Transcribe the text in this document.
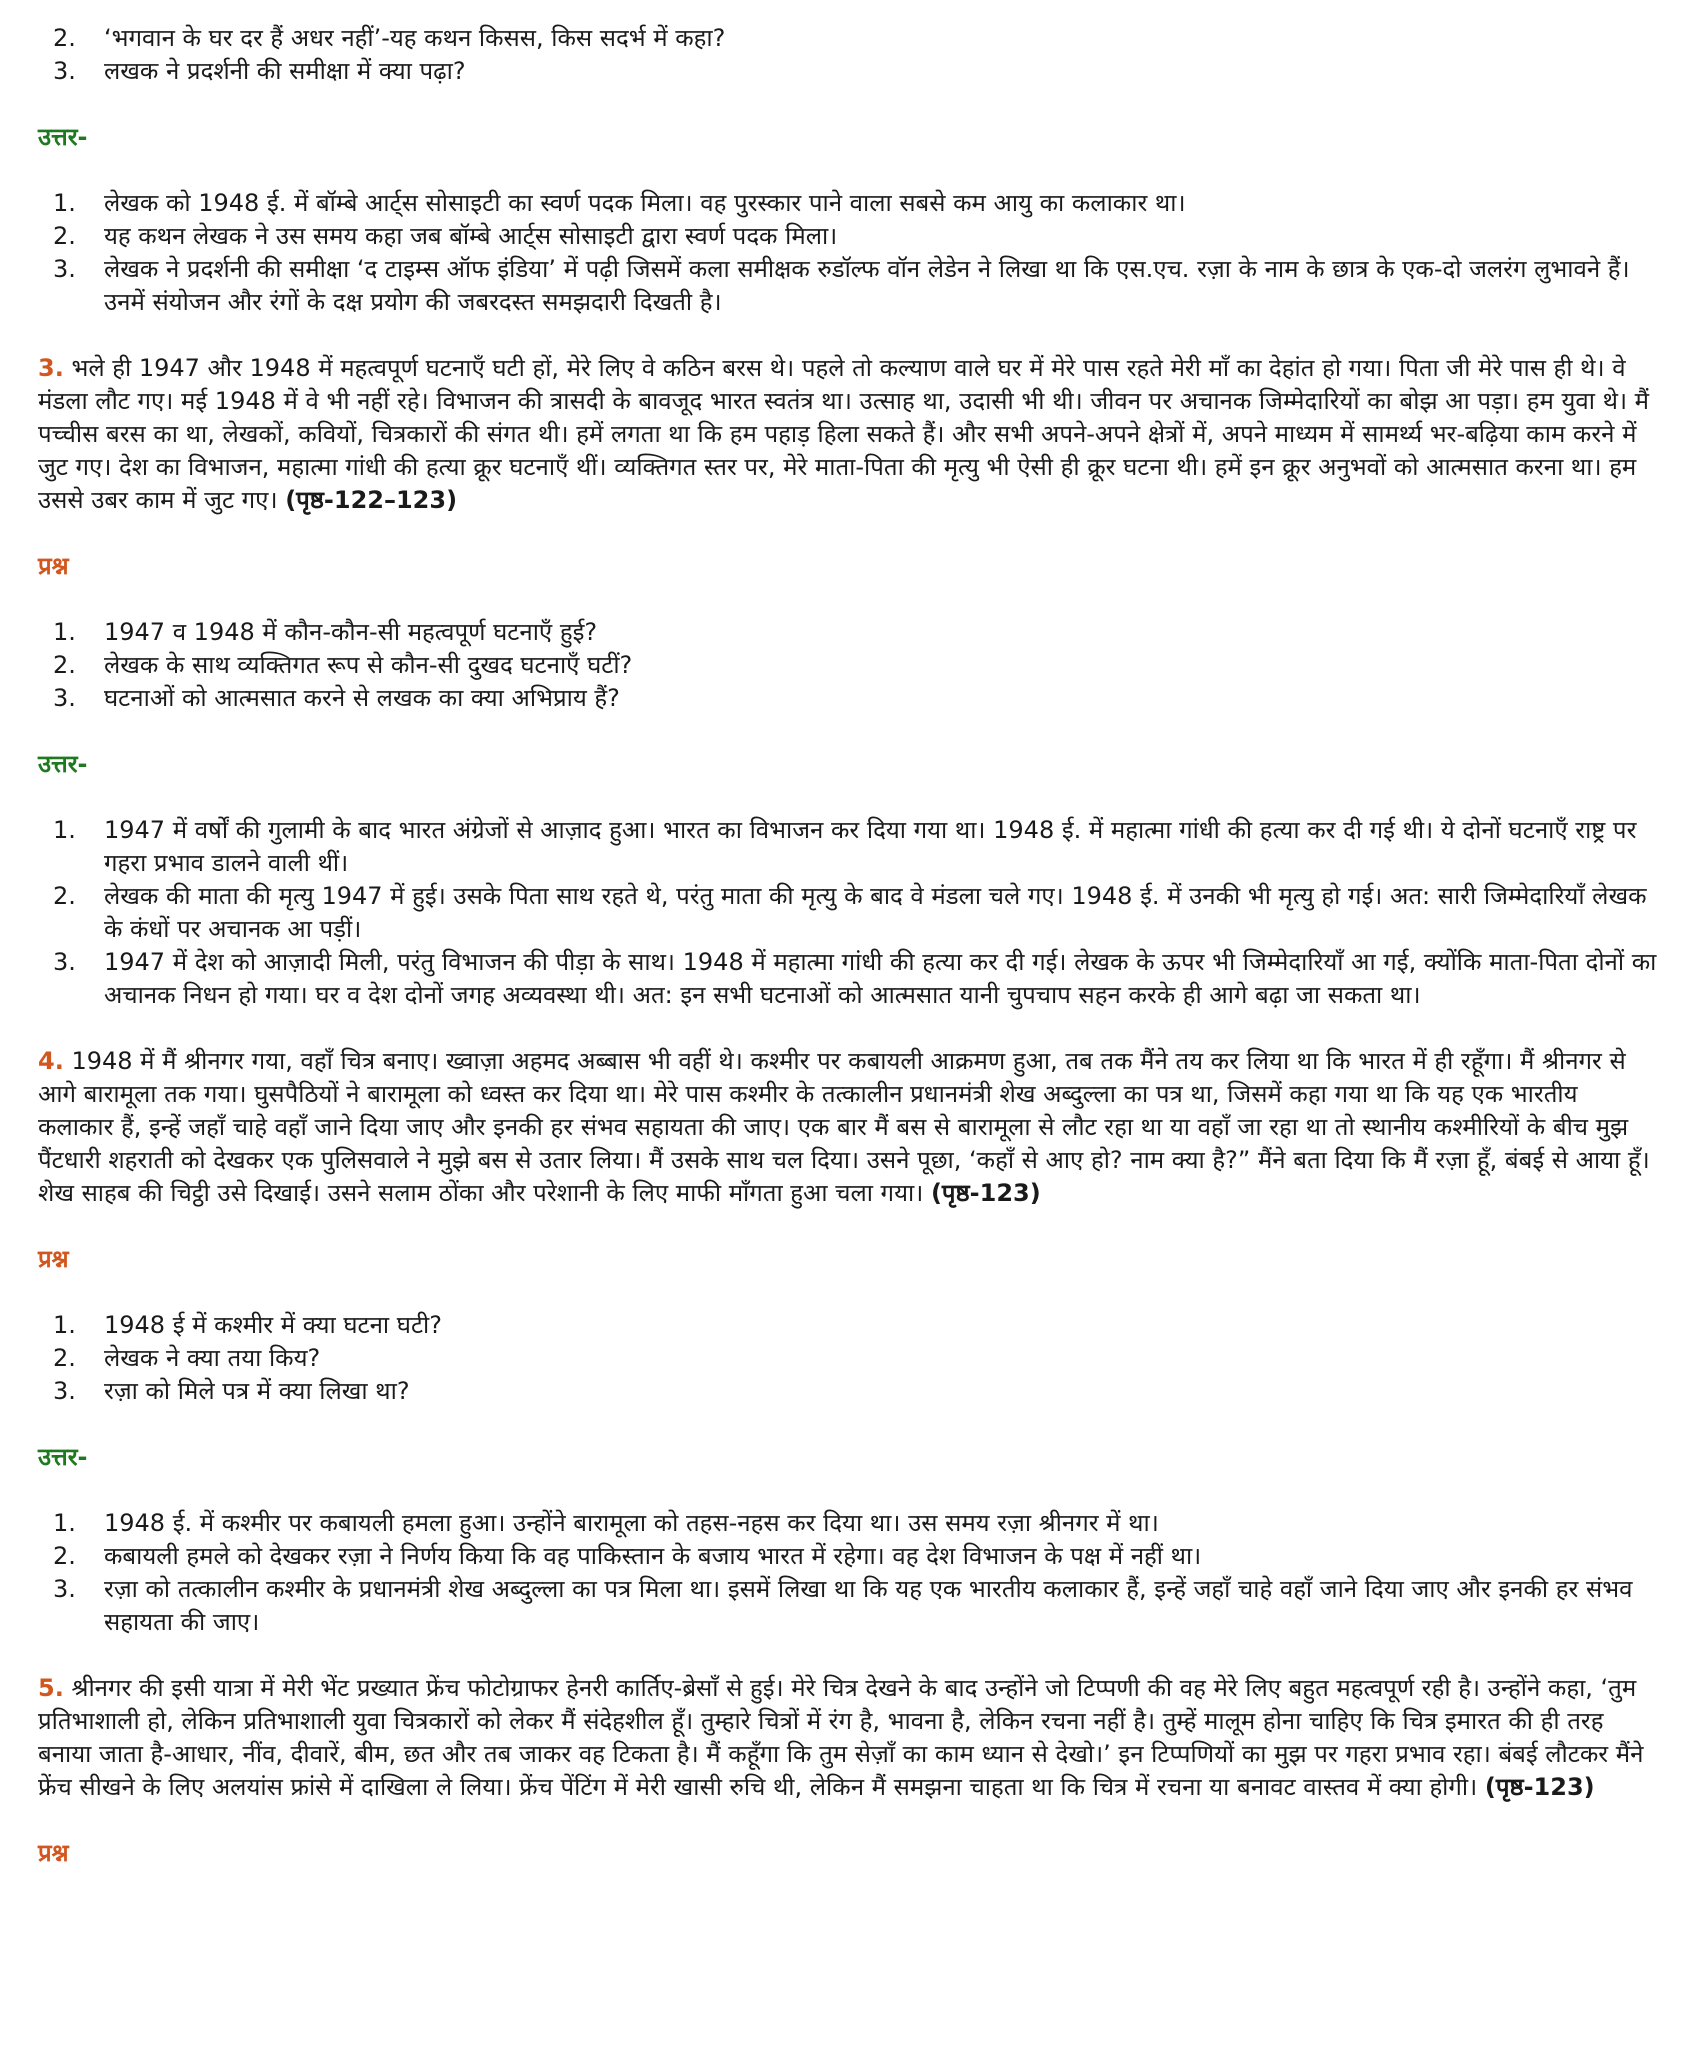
2. ‘भगवान के घर दर हैं अधर नहीं’-यह कथन किसस, किस सदर्भ में कहा?
3. लखक ने प्रदर्शनी की समीक्षा में क्या पढ़ा?
उत्तर-
1. लेखक को 1948 ई. में बॉम्बे आर्ट्स सोसाइटी का स्वर्ण पदक मिला। वह पुरस्कार पाने वाला सबसे कम आयु का कलाकार था।
2. यह कथन लेखक ने उस समय कहा जब बॉम्बे आर्ट्स सोसाइटी द्वारा स्वर्ण पदक मिला।
3. लेखक ने प्रदर्शनी की समीक्षा ‘द टाइम्स ऑफ इंडिया’ में पढ़ी जिसमें कला समीक्षक रुडॉल्फ वॉन लेडेन ने लिखा था कि एस.एच. रज़ा के नाम के छात्र के एक-दो जलरंग लुभावने हैं। उनमें संयोजन और रंगों के दक्ष प्रयोग की जबरदस्त समझदारी दिखती है।

3. भले ही 1947 और 1948 में महत्वपूर्ण घटनाएँ घटी हों, मेरे लिए वे कठिन बरस थे। पहले तो कल्याण वाले घर में मेरे पास रहते मेरी माँ का देहांत हो गया। पिता जी मेरे पास ही थे। वे मंडला लौट गए। मई 1948 में वे भी नहीं रहे। विभाजन की त्रासदी के बावजूद भारत स्वतंत्र था। उत्साह था, उदासी भी थी। जीवन पर अचानक जिम्मेदारियों का बोझ आ पड़ा। हम युवा थे। मैं पच्चीस बरस का था, लेखकों, कवियों, चित्रकारों की संगत थी। हमें लगता था कि हम पहाड़ हिला सकते हैं। और सभी अपने-अपने क्षेत्रों में, अपने माध्यम में सामर्थ्य भर-बढ़िया काम करने में जुट गए। देश का विभाजन, महात्मा गांधी की हत्या क्रूर घटनाएँ थीं। व्यक्तिगत स्तर पर, मेरे माता-पिता की मृत्यु भी ऐसी ही क्रूर घटना थी। हमें इन क्रूर अनुभवों को आत्मसात करना था। हम उससे उबर काम में जुट गए। (पृष्ठ-122–123)

प्रश्न
1. 1947 व 1948 में कौन-कौन-सी महत्वपूर्ण घटनाएँ हुई?
2. लेखक के साथ व्यक्तिगत रूप से कौन-सी दुखद घटनाएँ घटीं?
3. घटनाओं को आत्मसात करने से लखक का क्या अभिप्राय हैं?
उत्तर-
1. 1947 में वर्षों की गुलामी के बाद भारत अंग्रेजों से आज़ाद हुआ। भारत का विभाजन कर दिया गया था। 1948 ई. में महात्मा गांधी की हत्या कर दी गई थी। ये दोनों घटनाएँ राष्ट्र पर गहरा प्रभाव डालने वाली थीं।
2. लेखक की माता की मृत्यु 1947 में हुई। उसके पिता साथ रहते थे, परंतु माता की मृत्यु के बाद वे मंडला चले गए। 1948 ई. में उनकी भी मृत्यु हो गई। अत: सारी जिम्मेदारियाँ लेखक के कंधों पर अचानक आ पड़ीं।
3. 1947 में देश को आज़ादी मिली, परंतु विभाजन की पीड़ा के साथ। 1948 में महात्मा गांधी की हत्या कर दी गई। लेखक के ऊपर भी जिम्मेदारियाँ आ गई, क्योंकि माता-पिता दोनों का अचानक निधन हो गया। घर व देश दोनों जगह अव्यवस्था थी। अत: इन सभी घटनाओं को आत्मसात यानी चुपचाप सहन करके ही आगे बढ़ा जा सकता था।

4. 1948 में मैं श्रीनगर गया, वहाँ चित्र बनाए। ख्वाज़ा अहमद अब्बास भी वहीं थे। कश्मीर पर कबायली आक्रमण हुआ, तब तक मैंने तय कर लिया था कि भारत में ही रहूँगा। मैं श्रीनगर से आगे बारामूला तक गया। घुसपैठियों ने बारामूला को ध्वस्त कर दिया था। मेरे पास कश्मीर के तत्कालीन प्रधानमंत्री शेख अब्दुल्ला का पत्र था, जिसमें कहा गया था कि यह एक भारतीय कलाकार हैं, इन्हें जहाँ चाहे वहाँ जाने दिया जाए और इनकी हर संभव सहायता की जाए। एक बार मैं बस से बारामूला से लौट रहा था या वहाँ जा रहा था तो स्थानीय कश्मीरियों के बीच मुझ पैंटधारी शहराती को देखकर एक पुलिसवाले ने मुझे बस से उतार लिया। मैं उसके साथ चल दिया। उसने पूछा, ‘कहाँ से आए हो? नाम क्या है?” मैंने बता दिया कि मैं रज़ा हूँ, बंबई से आया हूँ। शेख साहब की चिट्ठी उसे दिखाई। उसने सलाम ठोंका और परेशानी के लिए माफी माँगता हुआ चला गया। (पृष्ठ-123)

प्रश्न
1. 1948 ई में कश्मीर में क्या घटना घटी?
2. लेखक ने क्या तया किय?
3. रज़ा को मिले पत्र में क्या लिखा था?
उत्तर-
1. 1948 ई. में कश्मीर पर कबायली हमला हुआ। उन्होंने बारामूला को तहस-नहस कर दिया था। उस समय रज़ा श्रीनगर में था।
2. कबायली हमले को देखकर रज़ा ने निर्णय किया कि वह पाकिस्तान के बजाय भारत में रहेगा। वह देश विभाजन के पक्ष में नहीं था।
3. रज़ा को तत्कालीन कश्मीर के प्रधानमंत्री शेख अब्दुल्ला का पत्र मिला था। इसमें लिखा था कि यह एक भारतीय कलाकार हैं, इन्हें जहाँ चाहे वहाँ जाने दिया जाए और इनकी हर संभव सहायता की जाए।

5. श्रीनगर की इसी यात्रा में मेरी भेंट प्रख्यात फ्रेंच फोटोग्राफर हेनरी कार्तिए-ब्रेसाँ से हुई। मेरे चित्र देखने के बाद उन्होंने जो टिप्पणी की वह मेरे लिए बहुत महत्वपूर्ण रही है। उन्होंने कहा, ‘तुम प्रतिभाशाली हो, लेकिन प्रतिभाशाली युवा चित्रकारों को लेकर मैं संदेहशील हूँ। तुम्हारे चित्रों में रंग है, भावना है, लेकिन रचना नहीं है। तुम्हें मालूम होना चाहिए कि चित्र इमारत की ही तरह बनाया जाता है-आधार, नींव, दीवारें, बीम, छत और तब जाकर वह टिकता है। मैं कहूँगा कि तुम सेज़ाँ का काम ध्यान से देखो।’ इन टिप्पणियों का मुझ पर गहरा प्रभाव रहा। बंबई लौटकर मैंने फ्रेंच सीखने के लिए अलयांस फ्रांसे में दाखिला ले लिया। फ्रेंच पेंटिंग में मेरी खासी रुचि थी, लेकिन मैं समझना चाहता था कि चित्र में रचना या बनावट वास्तव में क्या होगी। (पृष्ठ-123)

प्रश्न
